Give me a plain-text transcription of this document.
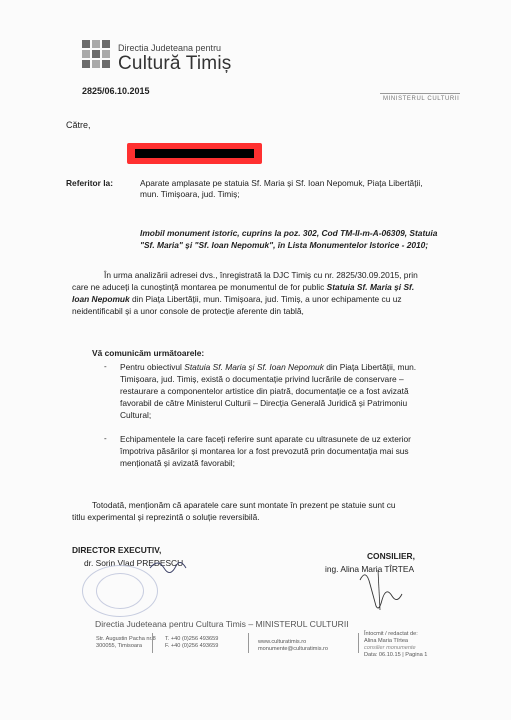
Directia Judeteana pentru
Cultură Timiș
2825/06.10.2015
MINISTERUL CULTURII
Către,
Referitor la:	Aparate amplasate pe statuia Sf. Maria și Sf. Ioan Nepomuk, Piața Libertății,
mun. Timișoara, jud. Timiș;
Imobil monument istoric, cuprins la poz. 302, Cod TM-II-m-A-06309, Statuia
"Sf. Maria" și "Sf. Ioan Nepomuk", în Lista Monumentelor Istorice - 2010;
În urma analizării adresei dvs., înregistrată la DJC Timiș cu nr. 2825/30.09.2015, prin
care ne aduceți la cunoștință montarea pe monumentul de for public Statuia Sf. Maria și Sf.
Ioan Nepomuk din Piața Libertății, mun. Timișoara, jud. Timiș, a unor echipamente cu uz
neidentificabil și a unor console de protecție aferente din tablă,
Vă comunicăm următoarele:
- Pentru obiectivul Statuia Sf. Maria și Sf. Ioan Nepomuk din Piața Libertății, mun.
Timișoara, jud. Timiș, există o documentație privind lucrările de conservare –
restaurare a componentelor artistice din piatră, documentație ce a fost avizată
favorabil de către Ministerul Culturii – Direcția Generală Juridică și Patrimoniu
Cultural;
- Echipamentele la care faceți referire sunt aparate cu ultrasunete de uz exterior
împotriva păsărilor și montarea lor a fost prevozută prin documentația mai sus
menționată și avizată favorabil;
Totodată, menționăm că aparatele care sunt montate în prezent pe statuie sunt cu
titlu experimental și reprezintă o soluție reversibilă.
DIRECTOR EXECUTIV,
dr. Sorin Vlad PREDESCU
CONSILIER,
ing. Alina Maria TÎRTEA
Directia Judeteana pentru Cultura Timis – MINISTERUL CULTURII
Str. Augustin Pacha nr.8
300055, Timisoara
T. +40 (0)256 493659
F. +40 (0)256 493659
www.culturatimis.ro
monumente@culturatimis.ro
Întocmit / redactat de:
Alina Maria Tîrtea
consilier monumente
Data: 06.10.15 | Pagina 1
